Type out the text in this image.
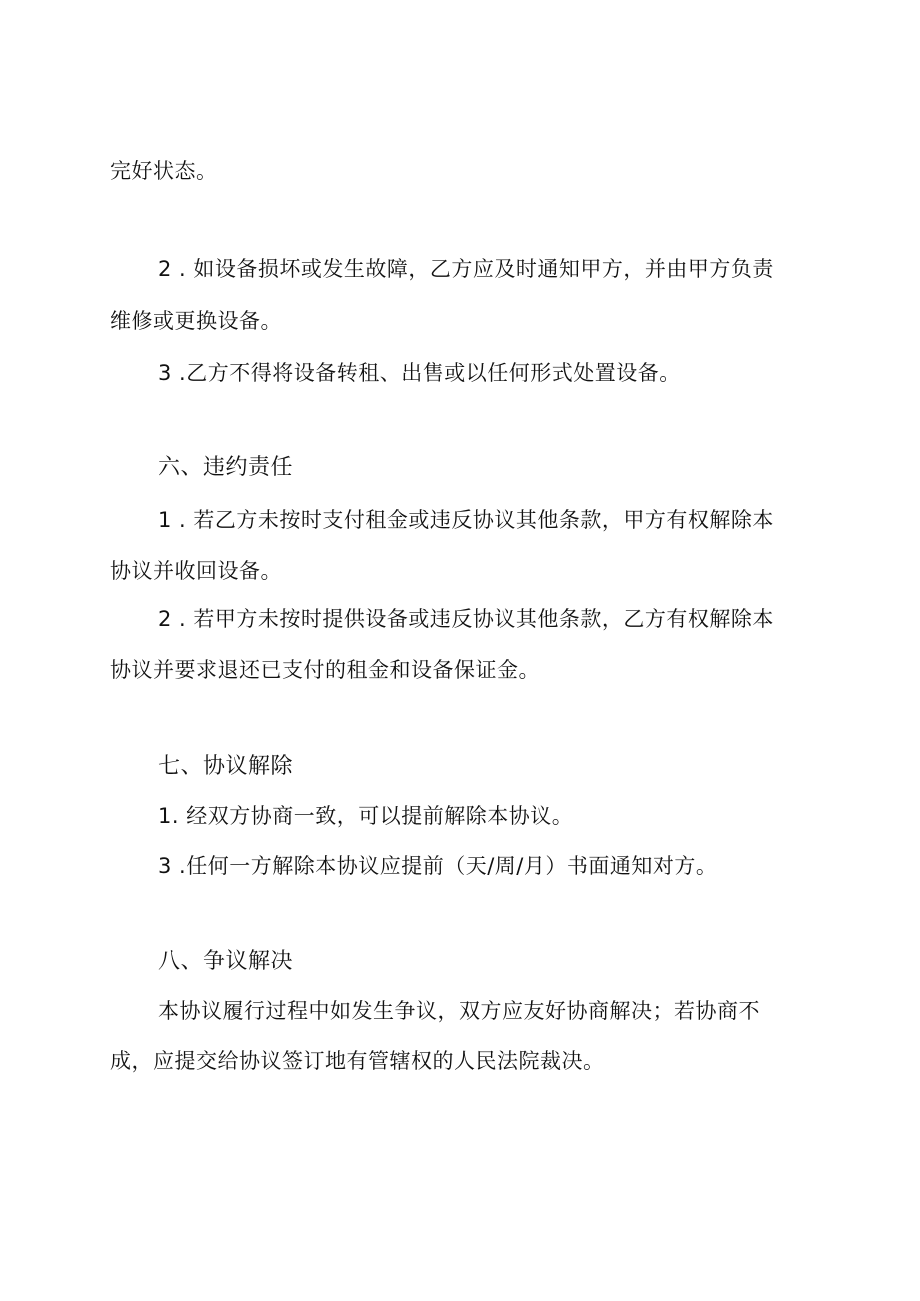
完好状态。
2 . 如设备损坏或发生故障，乙方应及时通知甲方，并由甲方负责
维修或更换设备。
3 .乙方不得将设备转租、出售或以任何形式处置设备。
六、违约责任
1 . 若乙方未按时支付租金或违反协议其他条款，甲方有权解除本
协议并收回设备。
2 . 若甲方未按时提供设备或违反协议其他条款，乙方有权解除本
协议并要求退还已支付的租金和设备保证金。
七、协议解除
1. 经双方协商一致，可以提前解除本协议。
3 .任何一方解除本协议应提前（天/周/月）书面通知对方。
八、争议解决
本协议履行过程中如发生争议，双方应友好协商解决；若协商不
成，应提交给协议签订地有管辖权的人民法院裁决。
